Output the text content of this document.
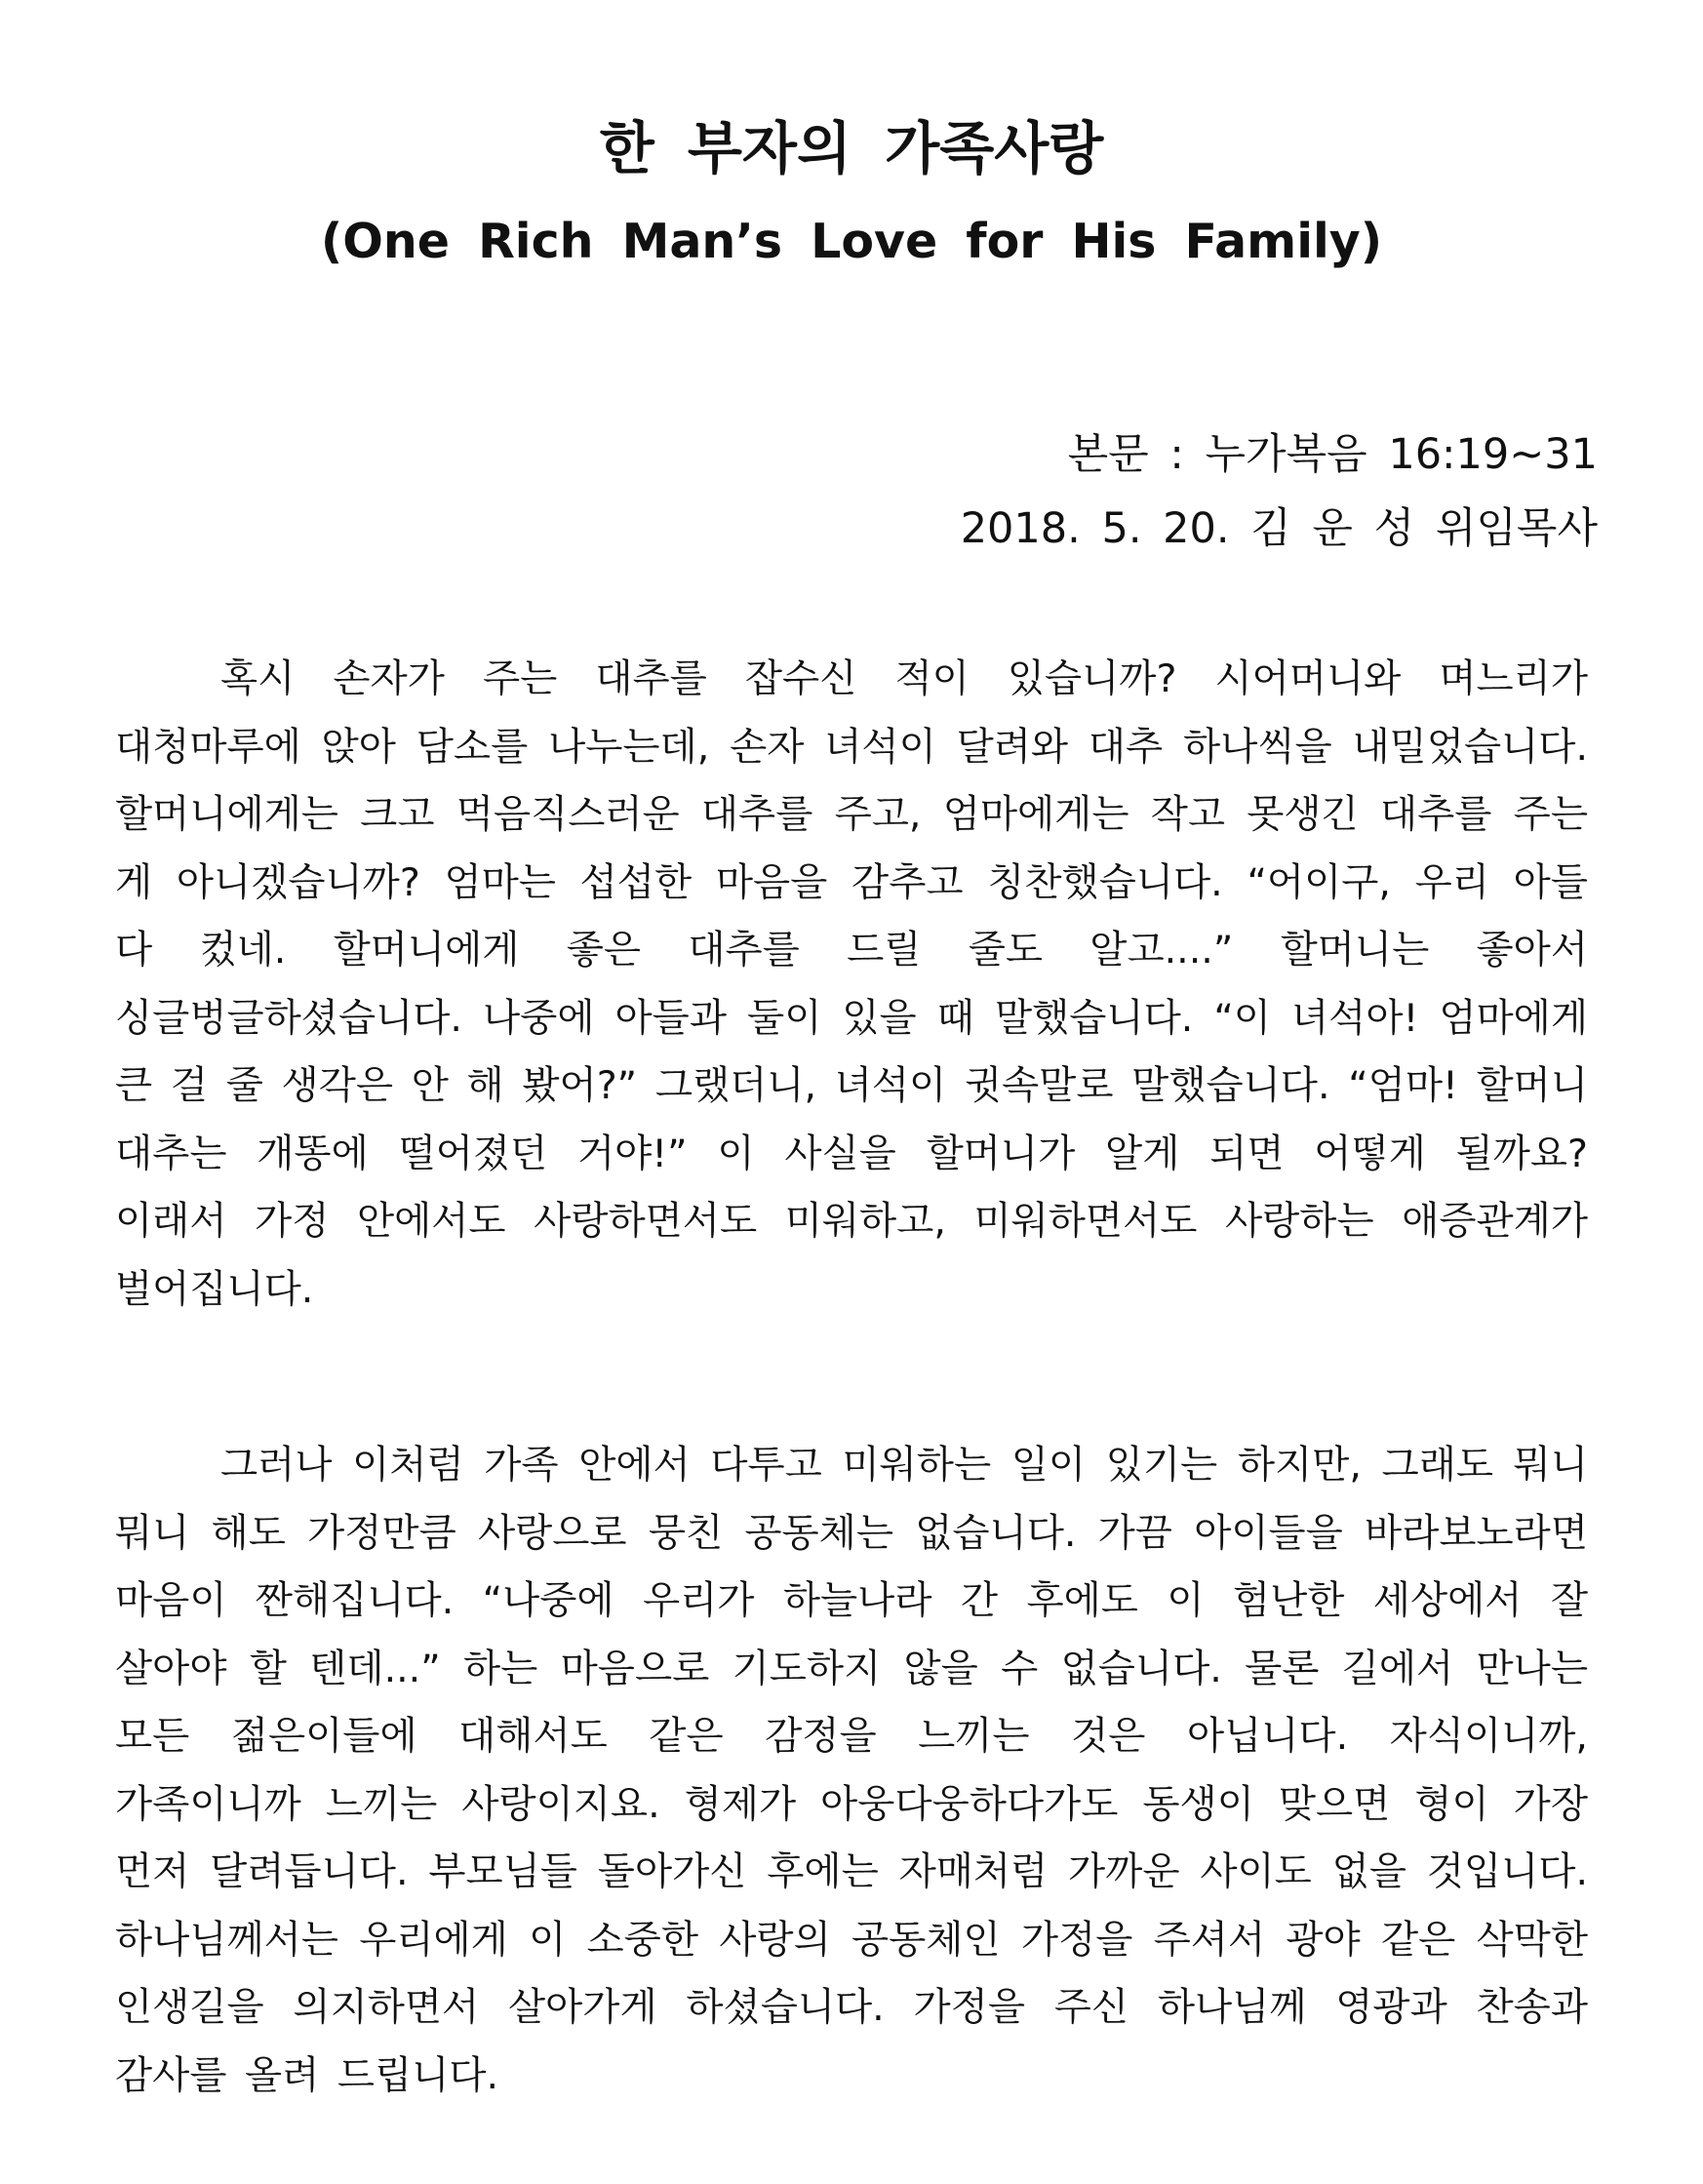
한 부자의 가족사랑
(One Rich Man’s Love for His Family)
본문 : 누가복음 16:19~31
2018. 5. 20. 김 운 성 위임목사

혹시 손자가 주는 대추를 잡수신 적이 있습니까? 시어머니와 며느리가 대청마루에 앉아 담소를 나누는데, 손자 녀석이 달려와 대추 하나씩을 내밀었습니다. 할머니에게는 크고 먹음직스러운 대추를 주고, 엄마에게는 작고 못생긴 대추를 주는 게 아니겠습니까? 엄마는 섭섭한 마음을 감추고 칭찬했습니다. “어이구, 우리 아들 다 컸네. 할머니에게 좋은 대추를 드릴 줄도 알고....” 할머니는 좋아서 싱글벙글하셨습니다. 나중에 아들과 둘이 있을 때 말했습니다. “이 녀석아! 엄마에게 큰 걸 줄 생각은 안 해 봤어?” 그랬더니, 녀석이 귓속말로 말했습니다. “엄마! 할머니 대추는 개똥에 떨어졌던 거야!” 이 사실을 할머니가 알게 되면 어떻게 될까요? 이래서 가정 안에서도 사랑하면서도 미워하고, 미워하면서도 사랑하는 애증관계가 벌어집니다.

그러나 이처럼 가족 안에서 다투고 미워하는 일이 있기는 하지만, 그래도 뭐니 뭐니 해도 가정만큼 사랑으로 뭉친 공동체는 없습니다. 가끔 아이들을 바라보노라면 마음이 짠해집니다. “나중에 우리가 하늘나라 간 후에도 이 험난한 세상에서 잘 살아야 할 텐데...” 하는 마음으로 기도하지 않을 수 없습니다. 물론 길에서 만나는 모든 젊은이들에 대해서도 같은 감정을 느끼는 것은 아닙니다. 자식이니까, 가족이니까 느끼는 사랑이지요. 형제가 아웅다웅하다가도 동생이 맞으면 형이 가장 먼저 달려듭니다. 부모님들 돌아가신 후에는 자매처럼 가까운 사이도 없을 것입니다. 하나님께서는 우리에게 이 소중한 사랑의 공동체인 가정을 주셔서 광야 같은 삭막한 인생길을 의지하면서 살아가게 하셨습니다. 가정을 주신 하나님께 영광과 찬송과 감사를 올려 드립니다.
